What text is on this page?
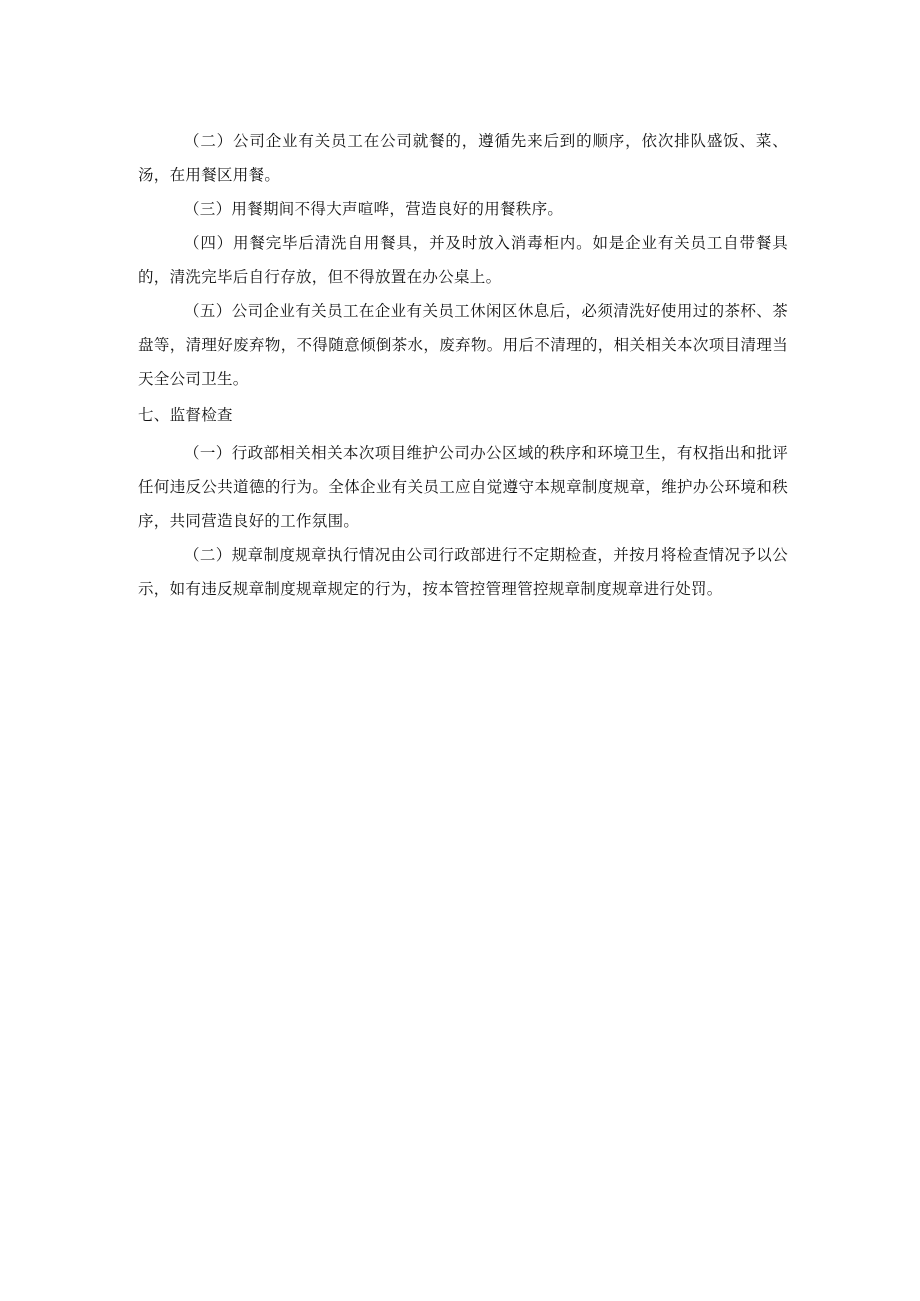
（二）公司企业有关员工在公司就餐的，遵循先来后到的顺序，依次排队盛饭、菜、汤，在用餐区用餐。

（三）用餐期间不得大声喧哗，营造良好的用餐秩序。

（四）用餐完毕后清洗自用餐具，并及时放入消毒柜内。如是企业有关员工自带餐具的，清洗完毕后自行存放，但不得放置在办公桌上。

（五）公司企业有关员工在企业有关员工休闲区休息后，必须清洗好使用过的茶杯、茶盘等，清理好废弃物，不得随意倾倒茶水，废弃物。用后不清理的，相关相关本次项目清理当天全公司卫生。

七、监督检查

（一）行政部相关相关本次项目维护公司办公区域的秩序和环境卫生，有权指出和批评任何违反公共道德的行为。全体企业有关员工应自觉遵守本规章制度规章，维护办公环境和秩序，共同营造良好的工作氛围。

（二）规章制度规章执行情况由公司行政部进行不定期检查，并按月将检查情况予以公示，如有违反规章制度规章规定的行为，按本管控管理管控规章制度规章进行处罚。
